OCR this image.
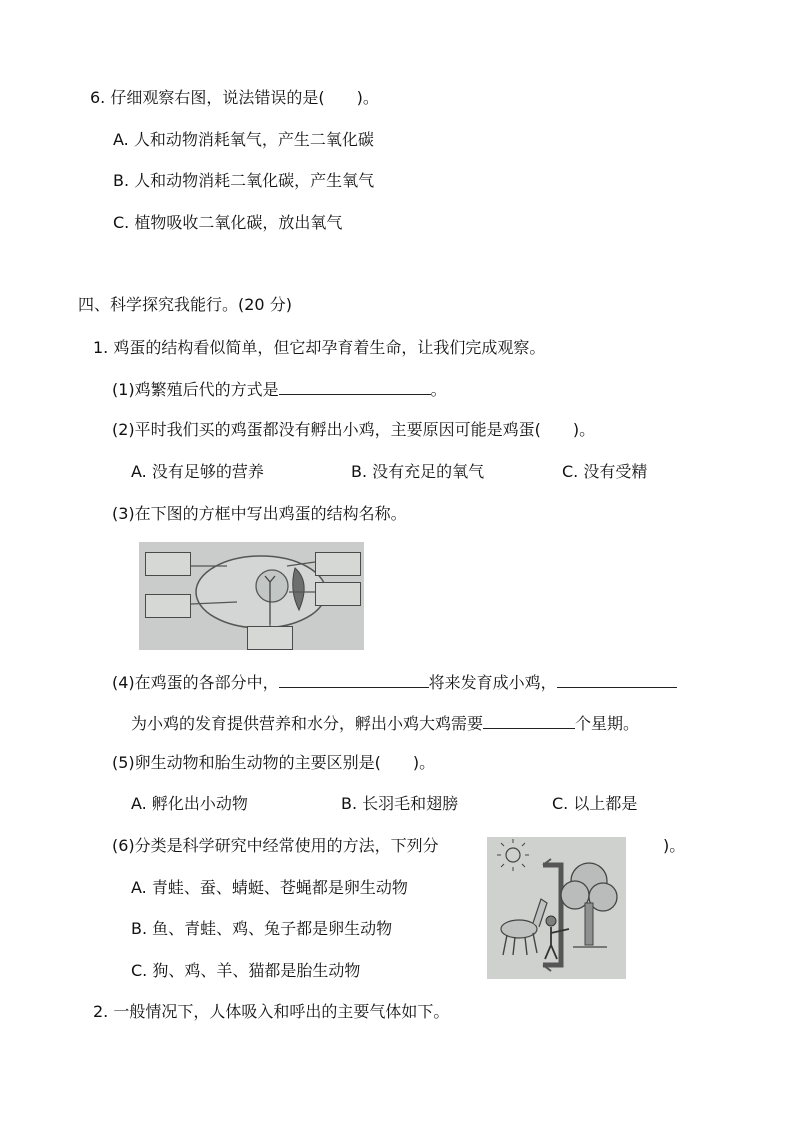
6. 仔细观察右图，说法错误的是(　　)。
A. 人和动物消耗氧气，产生二氧化碳
B. 人和动物消耗二氧化碳，产生氧气
C. 植物吸收二氧化碳，放出氧气
四、科学探究我能行。(20 分)
1. 鸡蛋的结构看似简单，但它却孕育着生命，让我们完成观察。
(1)鸡繁殖后代的方式是	。
(2)平时我们买的鸡蛋都没有孵出小鸡，主要原因可能是鸡蛋(　　)。
A. 没有足够的营养	B. 没有充足的氧气	C. 没有受精
(3)在下图的方框中写出鸡蛋的结构名称。
(4)在鸡蛋的各部分中，	将来发育成小鸡，
为小鸡的发育提供营养和水分，孵出小鸡大鸡需要	个星期。
(5)卵生动物和胎生动物的主要区别是(　　)。
A. 孵化出小动物	B. 长羽毛和翅膀	C. 以上都是
(6)分类是科学研究中经常使用的方法，下列分	)。
A. 青蛙、蚕、蜻蜓、苍蝇都是卵生动物
B. 鱼、青蛙、鸡、兔子都是卵生动物
C. 狗、鸡、羊、猫都是胎生动物
2. 一般情况下，人体吸入和呼出的主要气体如下。
